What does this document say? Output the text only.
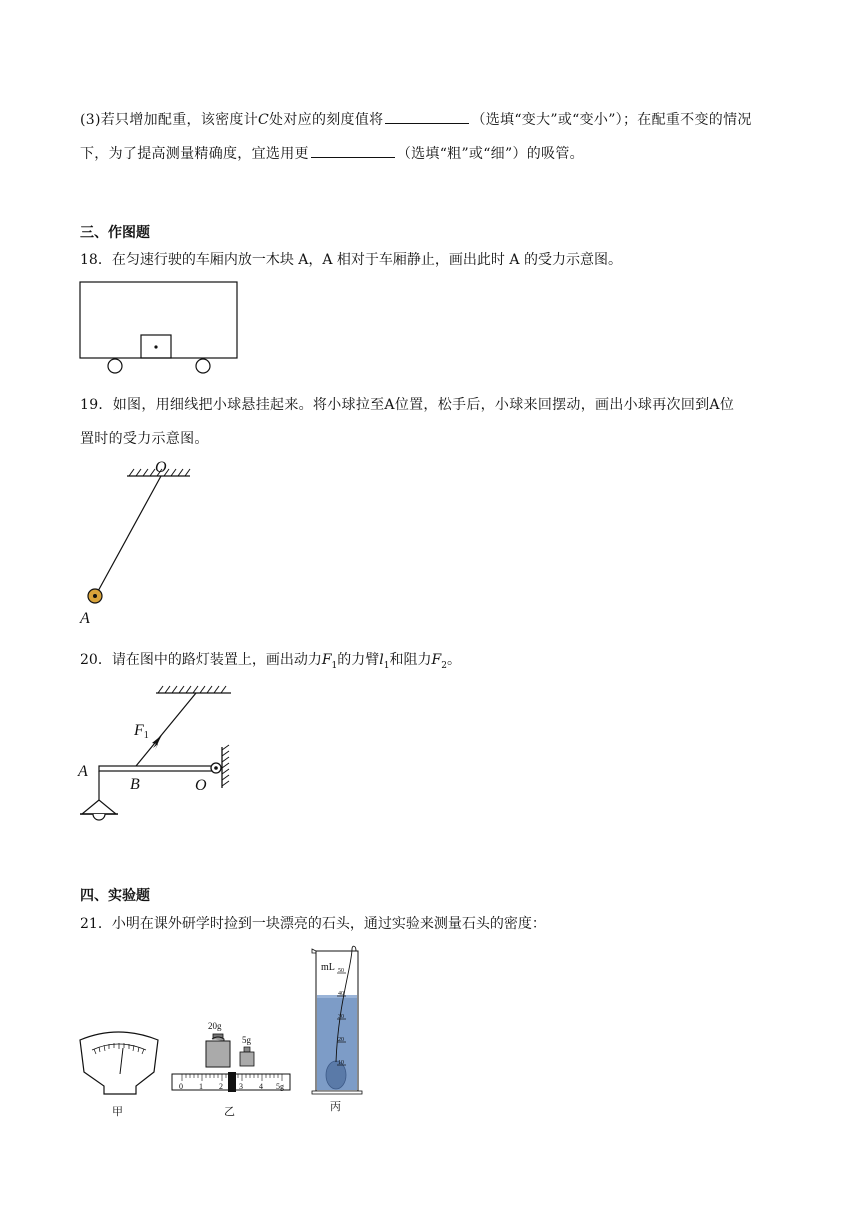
(3)若只增加配重，该密度计C处对应的刻度值将	（选填“变大”或“变小”）；在配重不变的情况
下，为了提高测量精确度，宜选用更	（选填“粗”或“细”）的吸管。
三、作图题
18．在匀速行驶的车厢内放一木块 A，A 相对于车厢静止，画出此时 A 的受力示意图。
19．如图，用细线把小球悬挂起来。将小球拉至A位置，松手后，小球来回摆动，画出小球再次回到A位
置时的受力示意图。
O
A
20．请在图中的路灯装置上，画出动力$F_1$的力臂$l_1$和阻力$F_2$。
F1
A
B	O
四、实验题
21．小明在课外研学时捡到一块漂亮的石头，通过实验来测量石头的密度：
甲
20g
5g
0 1 2 3 4 5g
乙
mL 50
40
30
20
10
丙
